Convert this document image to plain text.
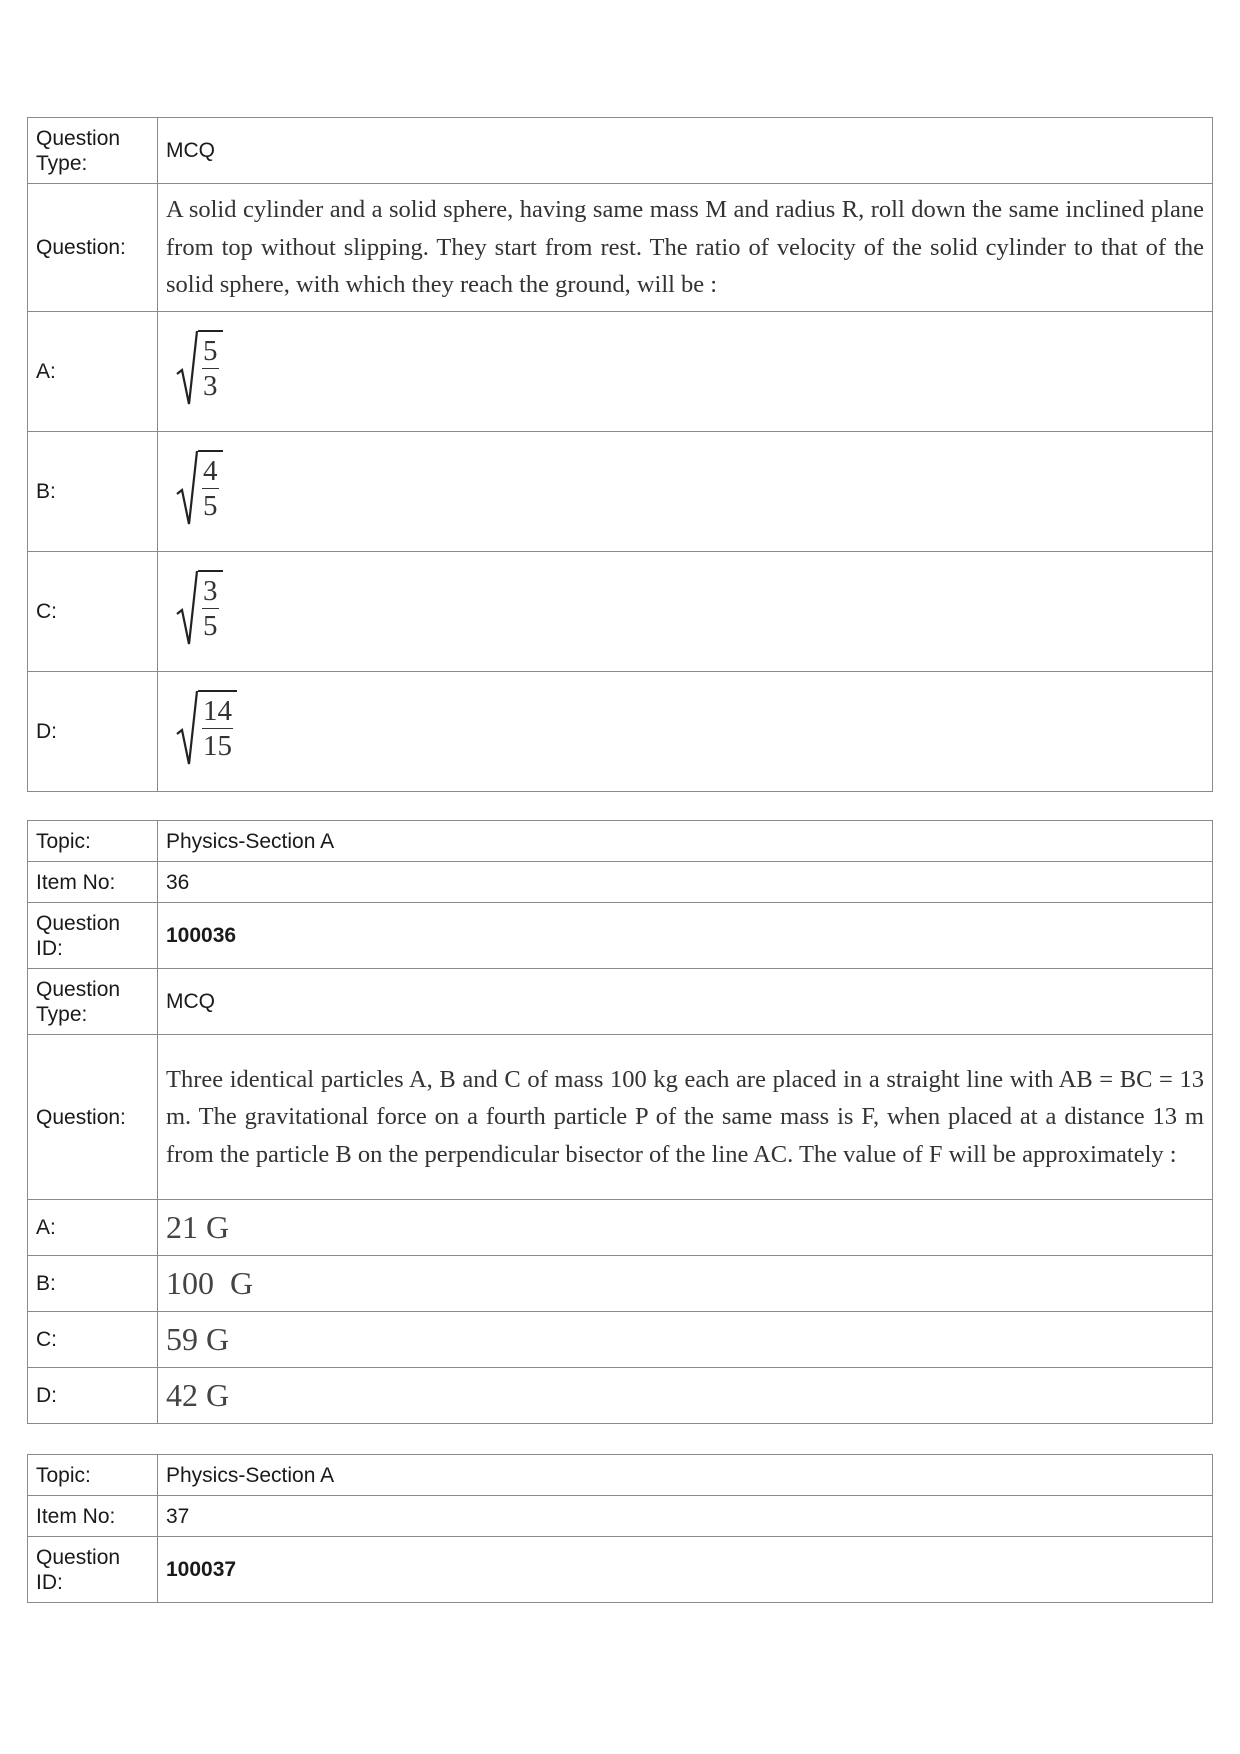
Question Type:	MCQ
Question:	A solid cylinder and a solid sphere, having same mass M and radius R, roll down the same inclined plane from top without slipping. They start from rest. The ratio of velocity of the solid cylinder to that of the solid sphere, with which they reach the ground, will be :
A:	$\frac{5}{3}$

B:	$\frac{4}{5}$

C:	$\frac{3}{5}$

D:	$\frac{14}{15}$
Topic:	Physics-Section A
Item No:	36
Question ID:	100036
Question Type:	MCQ
Question:	Three identical particles A, B and C of mass 100 kg each are placed in a straight line with AB = BC = 13 m. The gravitational force on a fourth particle P of the same mass is F, when placed at a distance 13 m from the particle B on the perpendicular bisector of the line AC. The value of F will be approximately :
A:	21 G
B:	100  G
C:	59 G
D:	42 G
Topic:	Physics-Section A
Item No:	37
Question ID:	100037
